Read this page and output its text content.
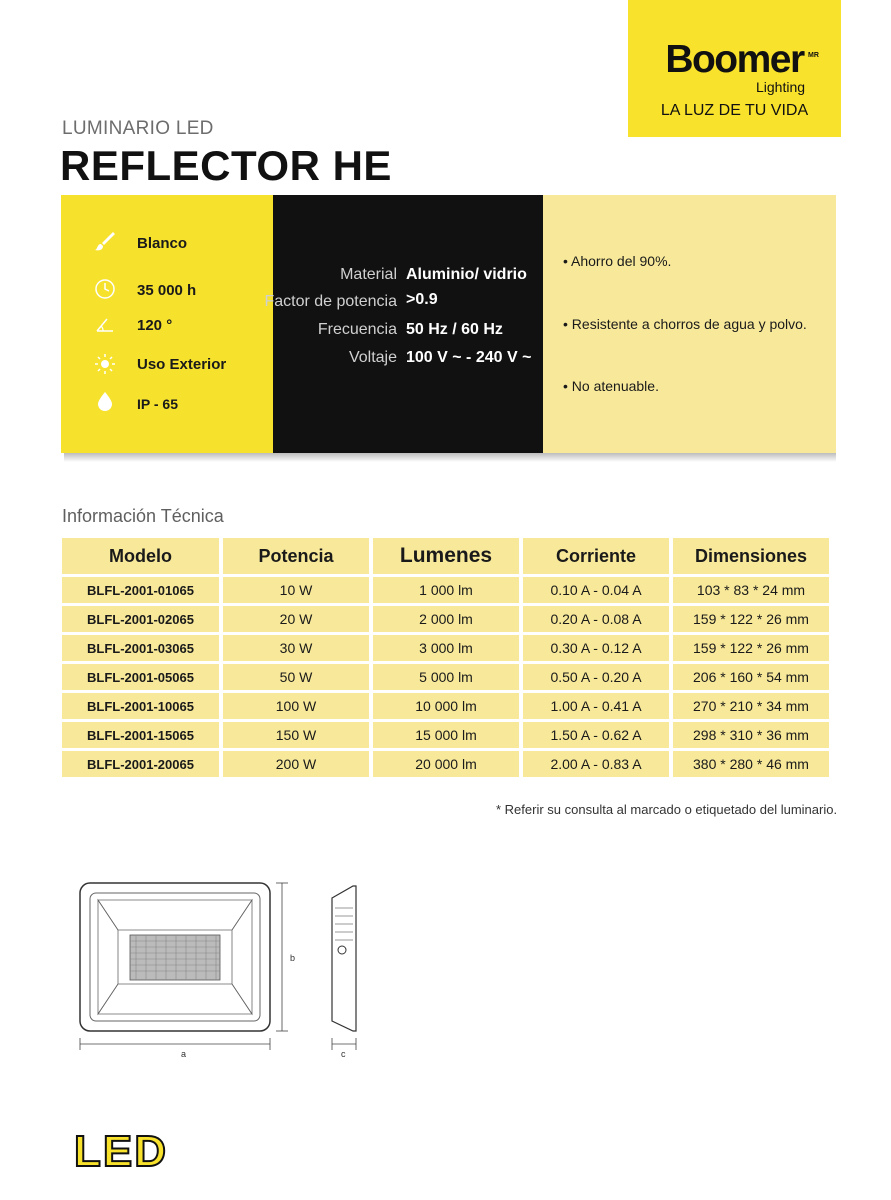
Boomer MR
Lighting
LA LUZ DE TU VIDA
LUMINARIO LED
REFLECTOR HE
Blanco
35 000 h
120 °
Uso Exterior
IP - 65
Material Aluminio/ vidrio
Factor de potencia >0.9
Frecuencia 50 Hz / 60 Hz
Voltaje 100 V ~ - 240 V ~
• Ahorro del 90%.
• Resistente a chorros de agua y polvo.
• No atenuable.
Información Técnica
Modelo	Potencia	Lumenes	Corriente	Dimensiones
BLFL-2001-01065	10 W	1 000 lm	0.10 A - 0.04 A	103 * 83 * 24 mm
BLFL-2001-02065	20 W	2 000 lm	0.20 A - 0.08 A	159 * 122 * 26 mm
BLFL-2001-03065	30 W	3 000 lm	0.30 A - 0.12 A	159 * 122 * 26 mm
BLFL-2001-05065	50 W	5 000 lm	0.50 A - 0.20 A	206 * 160 * 54 mm
BLFL-2001-10065	100 W	10 000 lm	1.00 A - 0.41 A	270 * 210 * 34 mm
BLFL-2001-15065	150 W	15 000 lm	1.50 A - 0.62 A	298 * 310 * 36 mm
BLFL-2001-20065	200 W	20 000 lm	2.00 A - 0.83 A	380 * 280 * 46 mm
* Referir su consulta al marcado o etiquetado del luminario.
a
b
c
LED
